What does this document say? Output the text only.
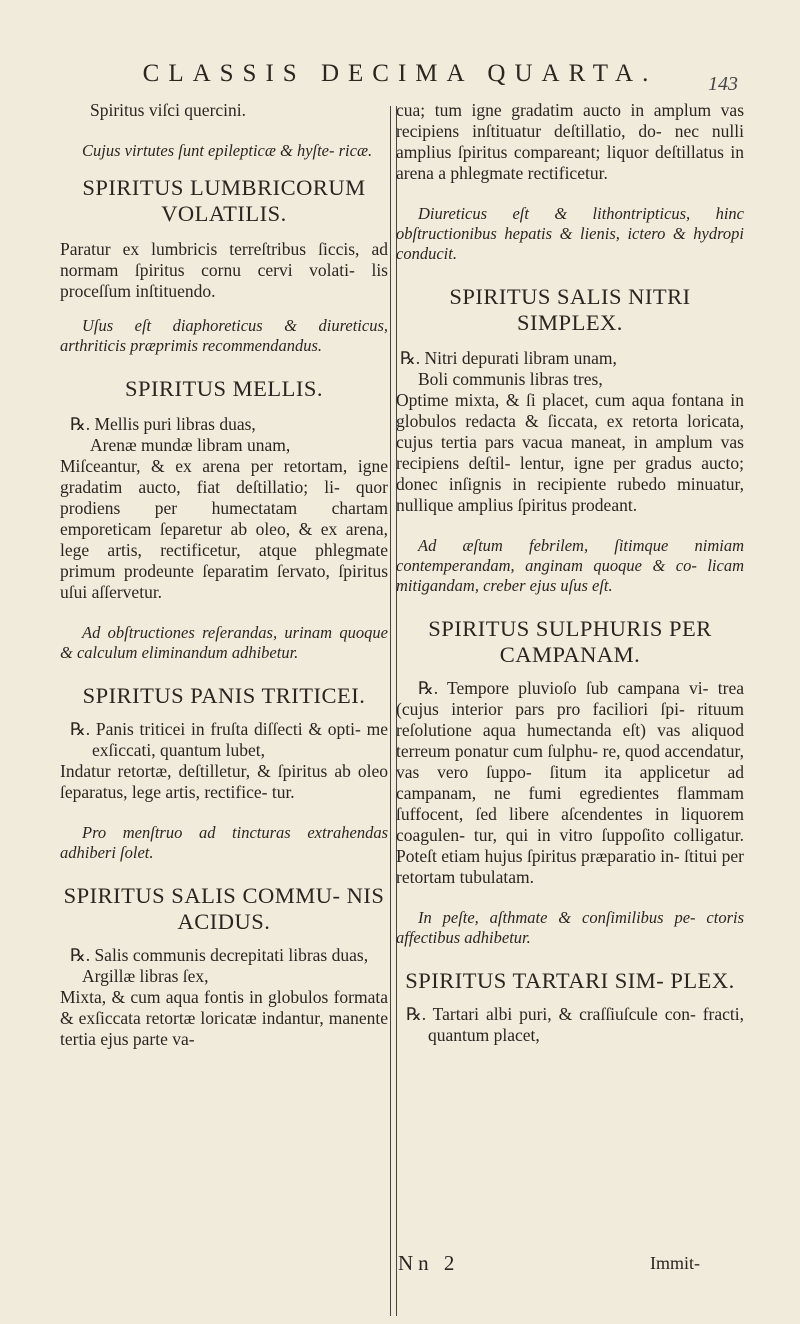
CLASSIS DECIMA QUARTA.	143

Spiritus viſci quercini.

Cujus virtutes ſunt epilepticæ & hyſte- ricæ.

SPIRITUS LUMBRICORUM VOLATILIS.

Paratur ex lumbricis terreſtribus ſiccis, ad normam ſpiritus cornu cervi volati- lis proceſſum inſtituendo.

Uſus eſt diaphoreticus & diureticus, arthriticis præprimis recommendandus.

SPIRITUS MELLIS.

℞. Mellis puri libras duas,

Arenæ mundæ libram unam,

Miſceantur, & ex arena per retortam, igne gradatim aucto, fiat deſtillatio; li- quor prodiens per humectatam chartam emporeticam ſeparetur ab oleo, & ex arena, lege artis, rectificetur, atque phlegmate primum prodeunte ſeparatim ſervato, ſpiritus uſui aſſervetur.

Ad obſtructiones reſerandas, urinam quoque & calculum eliminandum adhibetur.

SPIRITUS PANIS TRITICEI.

℞. Panis triticei in fruſta diſſecti & opti- me exſiccati, quantum lubet,

Indatur retortæ, deſtilletur, & ſpiritus ab oleo ſeparatus, lege artis, rectifice- tur.

Pro menſtruo ad tincturas extrahendas adhiberi ſolet.

SPIRITUS SALIS COMMU- NIS ACIDUS.

℞. Salis communis decrepitati libras duas,

Argillæ libras ſex,

Mixta, & cum aqua fontis in globulos formata & exſiccata retortæ loricatæ indantur, manente tertia ejus parte va-

cua; tum igne gradatim aucto in amplum vas recipiens inſtituatur deſtillatio, do- nec nulli amplius ſpiritus compareant; liquor deſtillatus in arena a phlegmate rectificetur.

Diureticus eſt & lithontripticus, hinc obſtructionibus hepatis & lienis, ictero & hydropi conducit.

SPIRITUS SALIS NITRI SIMPLEX.

℞. Nitri depurati libram unam,

Boli communis libras tres,

Optime mixta, & ſi placet, cum aqua fontana in globulos redacta & ſiccata, ex retorta loricata, cujus tertia pars vacua maneat, in amplum vas recipiens deſtil- lentur, igne per gradus aucto; donec inſignis in recipiente rubedo minuatur, nullique amplius ſpiritus prodeant.

Ad æſtum febrilem, ſitimque nimiam contemperandam, anginam quoque & co- licam mitigandam, creber ejus uſus eſt.

SPIRITUS SULPHURIS PER CAMPANAM.

℞. Tempore pluvioſo ſub campana vi- trea (cujus interior pars pro faciliori ſpi- rituum reſolutione aqua humectanda eſt) vas aliquod terreum ponatur cum ſulphu- re, quod accendatur, vas vero ſuppo- ſitum ita applicetur ad campanam, ne fumi egredientes flammam ſuffocent, ſed libere aſcendentes in liquorem coagulen- tur, qui in vitro ſuppoſito colligatur. Poteſt etiam hujus ſpiritus præparatio in- ſtitui per retortam tubulatam.

In peſte, aſthmate & conſimilibus pe- ctoris affectibus adhibetur.

SPIRITUS TARTARI SIM- PLEX.

℞. Tartari albi puri, & craſſiuſcule con- fracti, quantum placet,

Nn 2	Immit-
